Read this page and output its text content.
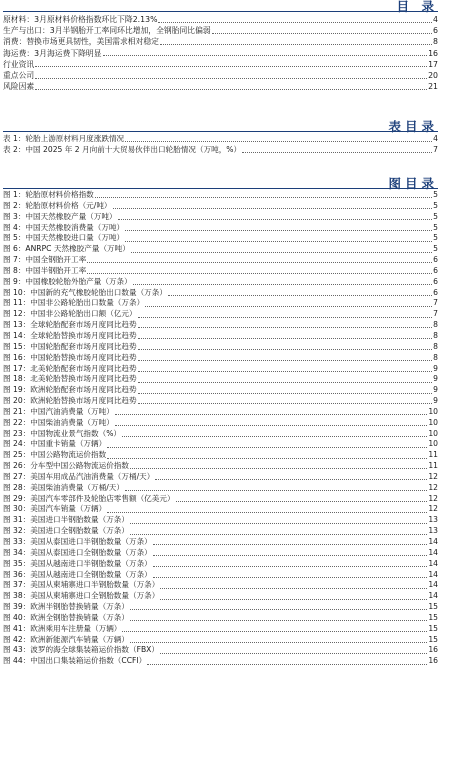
目 录
原材料：3月原材料价格指数环比下降2.13%	4
生产与出口：3月半钢胎开工率同环比增加，全钢胎同比偏弱	6
消费：替换市场更具韧性，美国需求相对稳定	8
海运费：3月海运费下降明显	16
行业资讯	17
重点公司	20
风险因素	21
表目录
表 1：轮胎上游原材料月度涨跌情况	4
表 2：中国 2025 年 2 月向前十大贸易伙伴出口轮胎情况（万吨，%）	7
图目录
图 1：轮胎原材料价格指数	5
图 2：轮胎原材料价格（元/吨）	5
图 3：中国天然橡胶产量（万吨）	5
图 4：中国天然橡胶消费量（万吨）	5
图 5：中国天然橡胶进口量（万吨）	5
图 6：ANRPC 天然橡胶产量（万吨）	5
图 7：中国全钢胎开工率	6
图 8：中国半钢胎开工率	6
图 9：中国橡胶轮胎外胎产量（万条）	6
图 10：中国新的充气橡胶轮胎出口数量（万条）	6
图 11：中国非公路轮胎出口数量（万条）	7
图 12：中国非公路轮胎出口额（亿元）	7
图 13：全球轮胎配套市场月度同比趋势	8
图 14：全球轮胎替换市场月度同比趋势	8
图 15：中国轮胎配套市场月度同比趋势	8
图 16：中国轮胎替换市场月度同比趋势	8
图 17：北美轮胎配套市场月度同比趋势	9
图 18：北美轮胎替换市场月度同比趋势	9
图 19：欧洲轮胎配套市场月度同比趋势	9
图 20：欧洲轮胎替换市场月度同比趋势	9
图 21：中国汽油消费量（万吨）	10
图 22：中国柴油消费量（万吨）	10
图 23：中国物流业景气指数（%）	10
图 24：中国重卡销量（万辆）	10
图 25：中国公路物流运价指数	11
图 26：分车型中国公路物流运价指数	11
图 27：美国车用成品汽油消费量（万桶/天）	12
图 28：美国柴油消费量（万桶/天）	12
图 29：美国汽车零部件及轮胎店零售额（亿美元）	12
图 30：美国汽车销量（万辆）	12
图 31：美国进口半钢胎数量（万条）	13
图 32：美国进口全钢胎数量（万条）	13
图 33：美国从泰国进口半钢胎数量（万条）	14
图 34：美国从泰国进口全钢胎数量（万条）	14
图 35：美国从越南进口半钢胎数量（万条）	14
图 36：美国从越南进口全钢胎数量（万条）	14
图 37：美国从柬埔寨进口半钢胎数量（万条）	14
图 38：美国从柬埔寨进口全钢胎数量（万条）	14
图 39：欧洲半钢胎替换销量（万条）	15
图 40：欧洲全钢胎替换销量（万条）	15
图 41：欧洲乘用车注册量（万辆）	15
图 42：欧洲新能源汽车销量（万辆）	15
图 43：波罗的海全球集装箱运价指数（FBX）	16
图 44：中国出口集装箱运价指数（CCFI）	16
